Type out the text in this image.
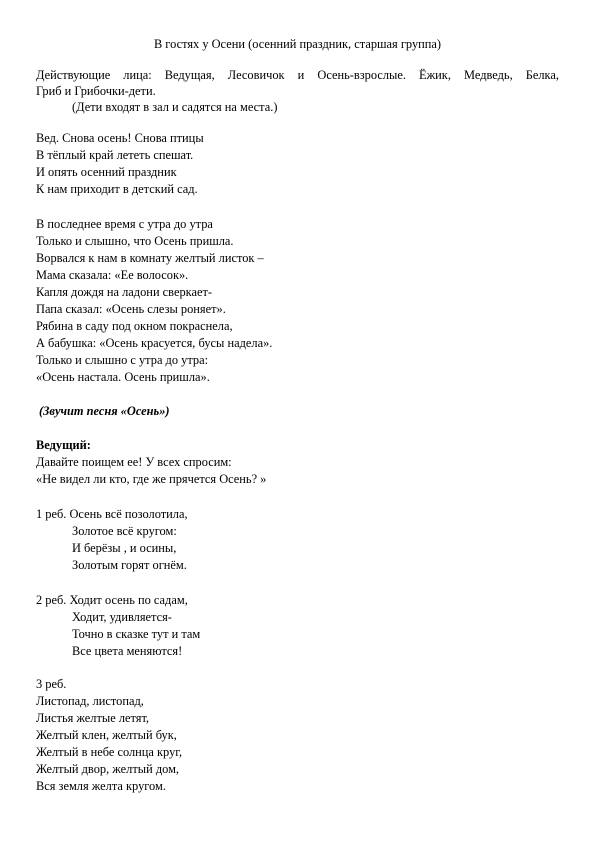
В гостях у Осени (осенний праздник, старшая группа)
Действующие лица: Ведущая, Лесовичок и Осень-взрослые. Ёжик, Медведь, Белка,
Гриб и Грибочки-дети.
(Дети входят в зал и садятся на места.)
Вед. Снова осень! Снова птицы
В тёплый край лететь спешат.
И опять осенний праздник
К нам приходит в детский сад.
В последнее время с утра до утра
Только и слышно, что Осень пришла.
Ворвался к нам в комнату желтый листок –
Мама сказала: «Ее волосок».
Капля дождя на ладони сверкает-
Папа сказал: «Осень слезы роняет».
Рябина в саду под окном покраснела,
А бабушка: «Осень красуется, бусы надела».
Только и слышно с утра до утра:
«Осень настала. Осень пришла».
(Звучит песня «Осень»)
Ведущий:
Давайте поищем ее! У всех спросим:
«Не видел ли кто, где же прячется Осень? »
1 реб. Осень всё позолотила,
Золотое всё кругом:
И берёзы , и осины,
Золотым горят огнём.
2 реб. Ходит осень по садам,
Ходит, удивляется-
Точно в сказке тут и там
Все цвета меняются!
3 реб.
Листопад, листопад,
Листья желтые летят,
Желтый клен, желтый бук,
Желтый в небе солнца круг,
Желтый двор, желтый дом,
Вся земля желта кругом.
